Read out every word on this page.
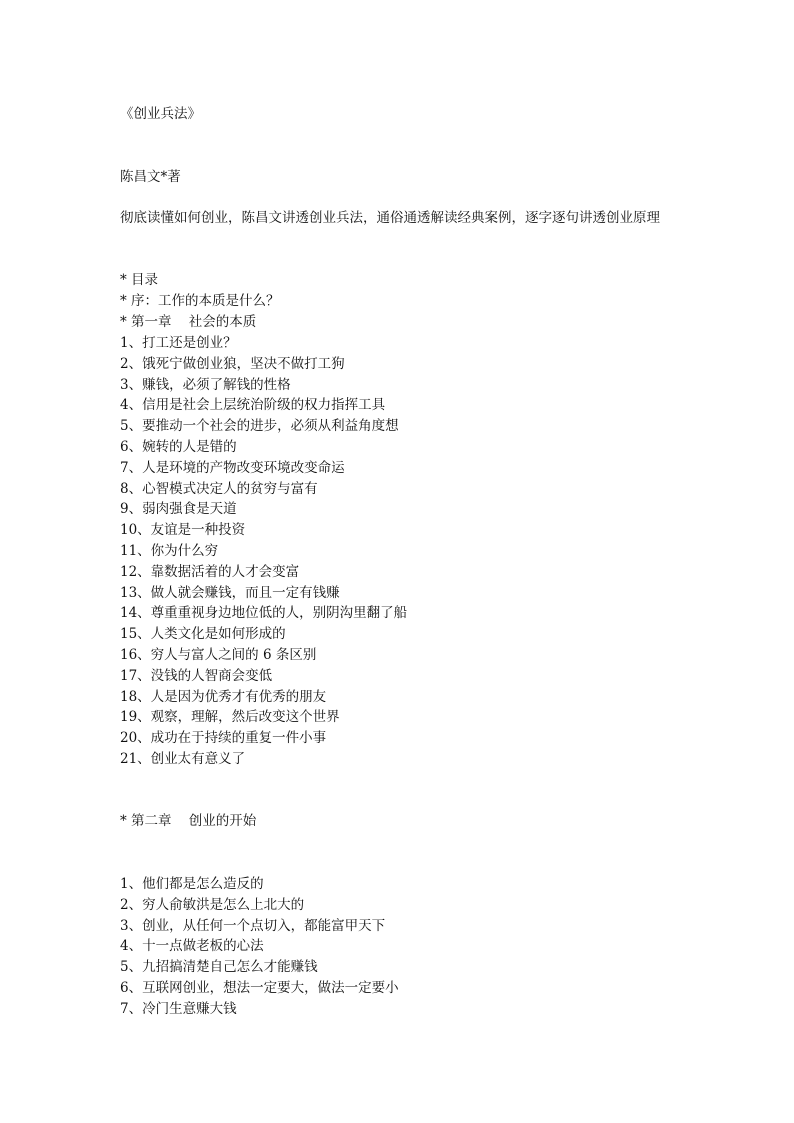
《创业兵法》
陈昌文*著
彻底读懂如何创业，陈昌文讲透创业兵法，通俗通透解读经典案例，逐字逐句讲透创业原理
* 目录
* 序：工作的本质是什么？
* 第一章    社会的本质
1、打工还是创业？
2、饿死宁做创业狼，坚决不做打工狗
3、赚钱，必须了解钱的性格
4、信用是社会上层统治阶级的权力指挥工具
5、要推动一个社会的进步，必须从利益角度想
6、婉转的人是错的
7、人是环境的产物改变环境改变命运
8、心智模式决定人的贫穷与富有
9、弱肉强食是天道
10、友谊是一种投资
11、你为什么穷
12、靠数据活着的人才会变富
13、做人就会赚钱，而且一定有钱赚
14、尊重重视身边地位低的人，别阴沟里翻了船
15、人类文化是如何形成的
16、穷人与富人之间的 6 条区别
17、没钱的人智商会变低
18、人是因为优秀才有优秀的朋友
19、观察，理解，然后改变这个世界
20、成功在于持续的重复一件小事
21、创业太有意义了
* 第二章    创业的开始
1、他们都是怎么造反的
2、穷人俞敏洪是怎么上北大的
3、创业，从任何一个点切入，都能富甲天下
4、十一点做老板的心法
5、九招搞清楚自己怎么才能赚钱
6、互联网创业，想法一定要大，做法一定要小
7、冷门生意赚大钱
